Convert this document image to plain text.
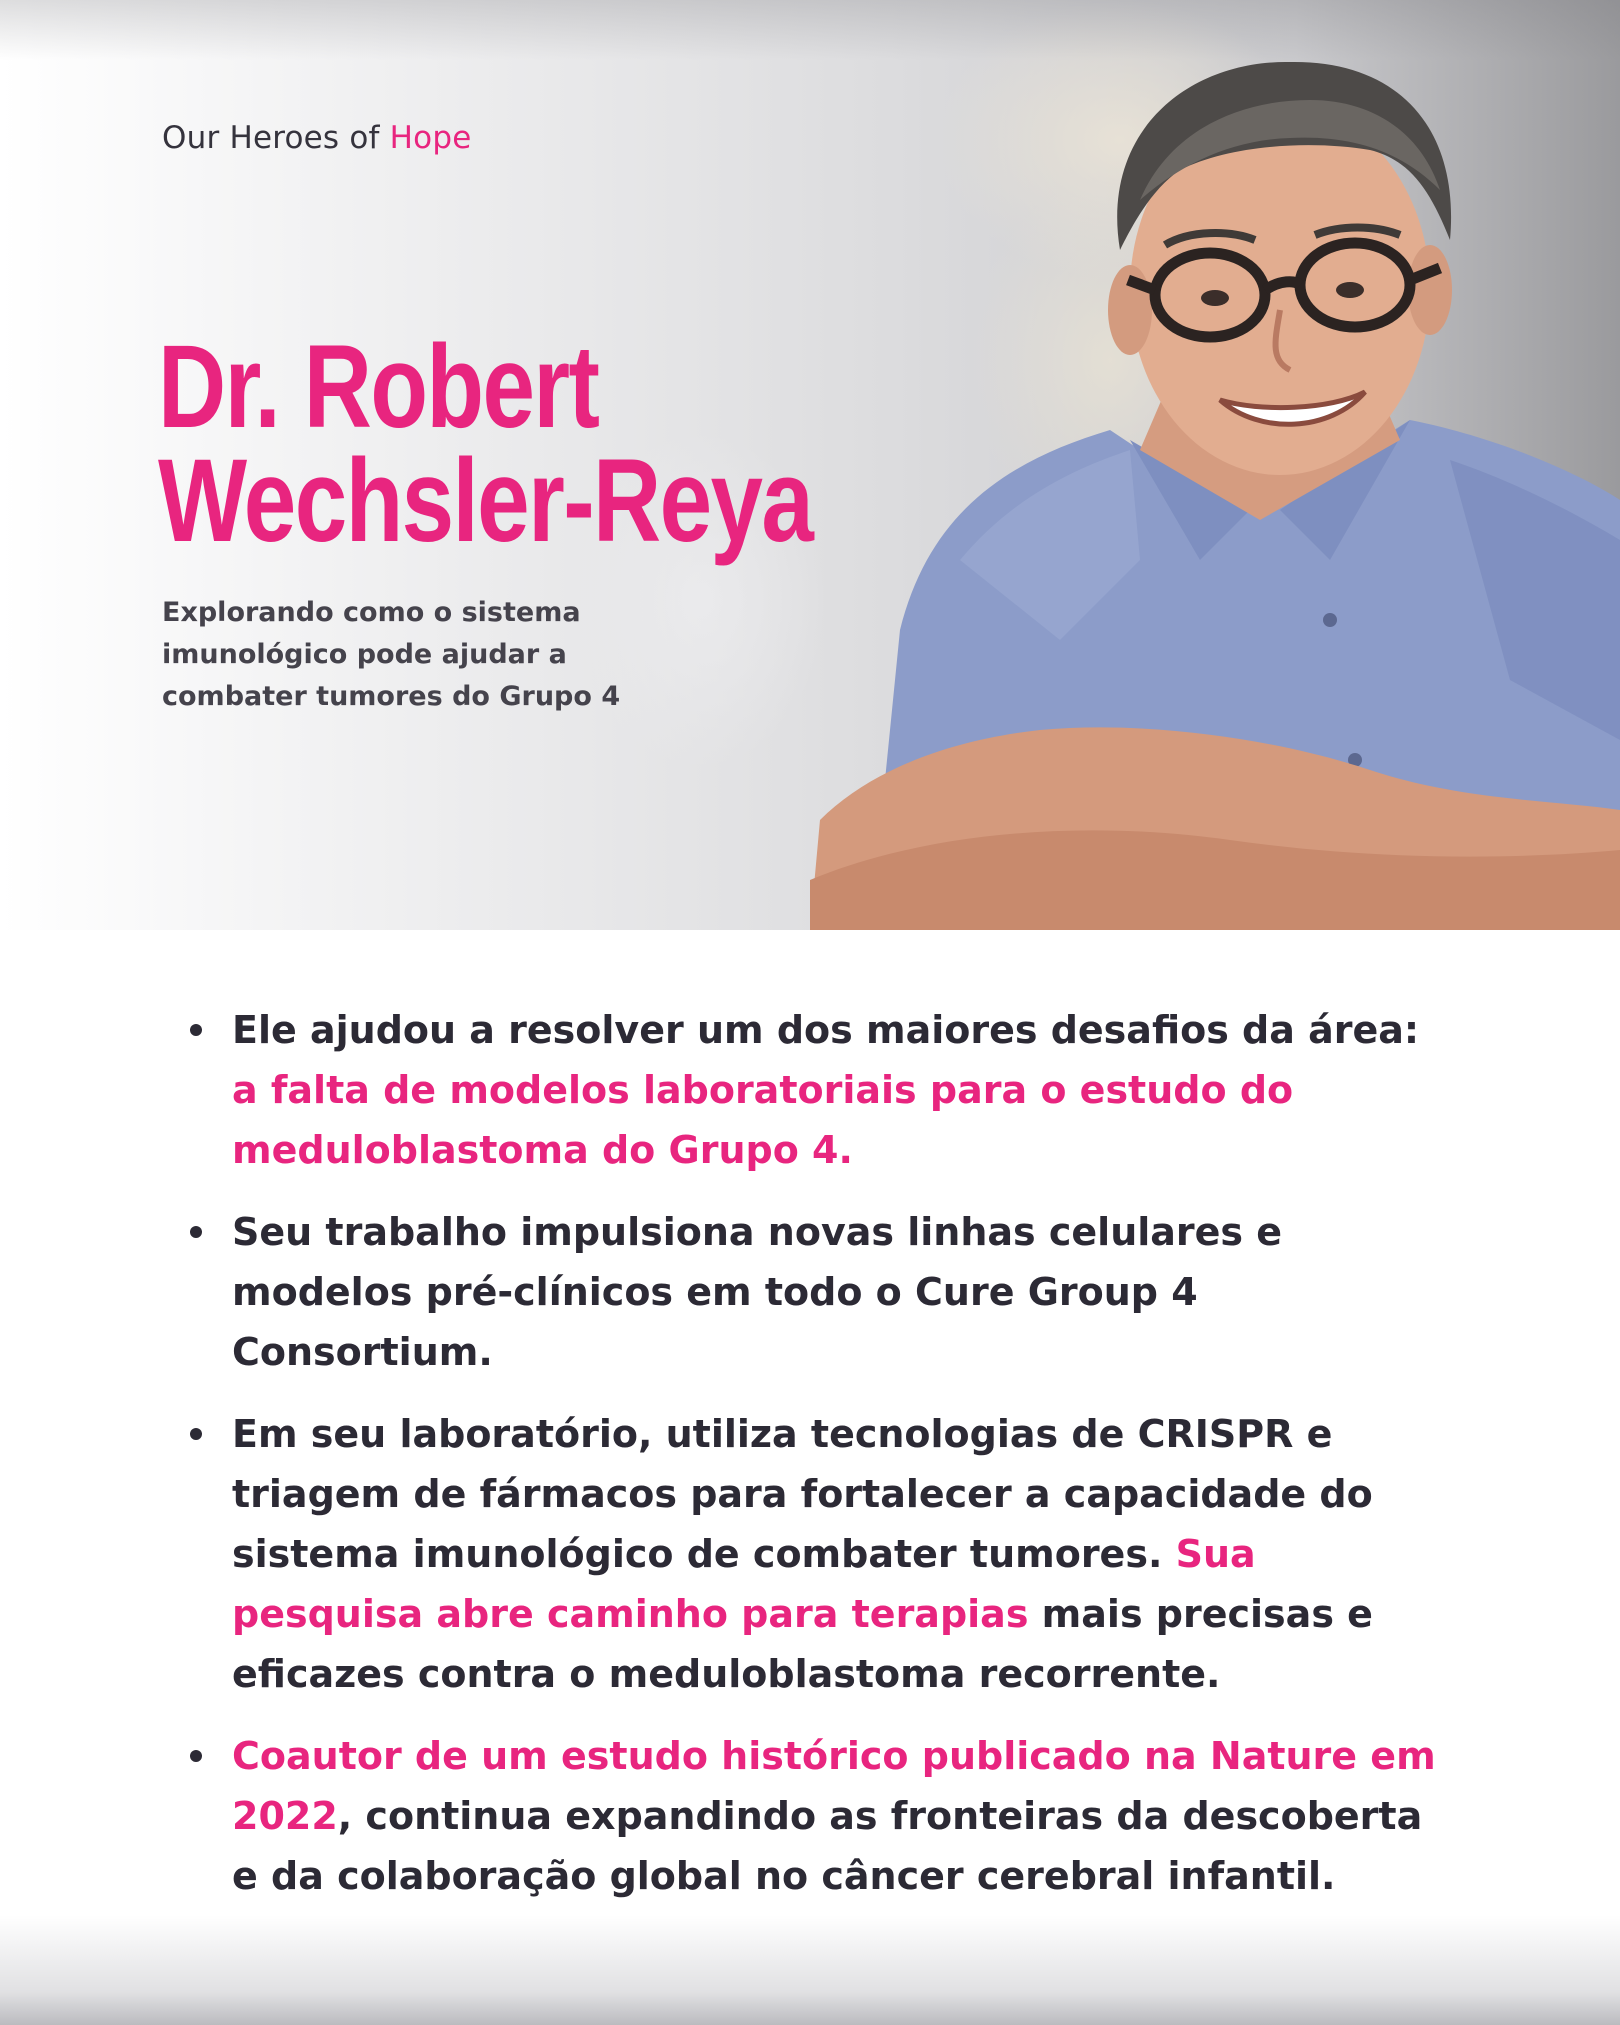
Our Heroes of Hope

Dr. Robert
Wechsler-Reya

Explorando como o sistema imunológico pode ajudar a combater tumores do Grupo 4

Ele ajudou a resolver um dos maiores desafios da área: a falta de modelos laboratoriais para o estudo do meduloblastoma do Grupo 4.
Seu trabalho impulsiona novas linhas celulares e modelos pré-clínicos em todo o Cure Group 4 Consortium.
Em seu laboratório, utiliza tecnologias de CRISPR e triagem de fármacos para fortalecer a capacidade do sistema imunológico de combater tumores. Sua pesquisa abre caminho para terapias mais precisas e eficazes contra o meduloblastoma recorrente.
Coautor de um estudo histórico publicado na Nature em 2022, continua expandindo as fronteiras da descoberta e da colaboração global no câncer cerebral infantil.
